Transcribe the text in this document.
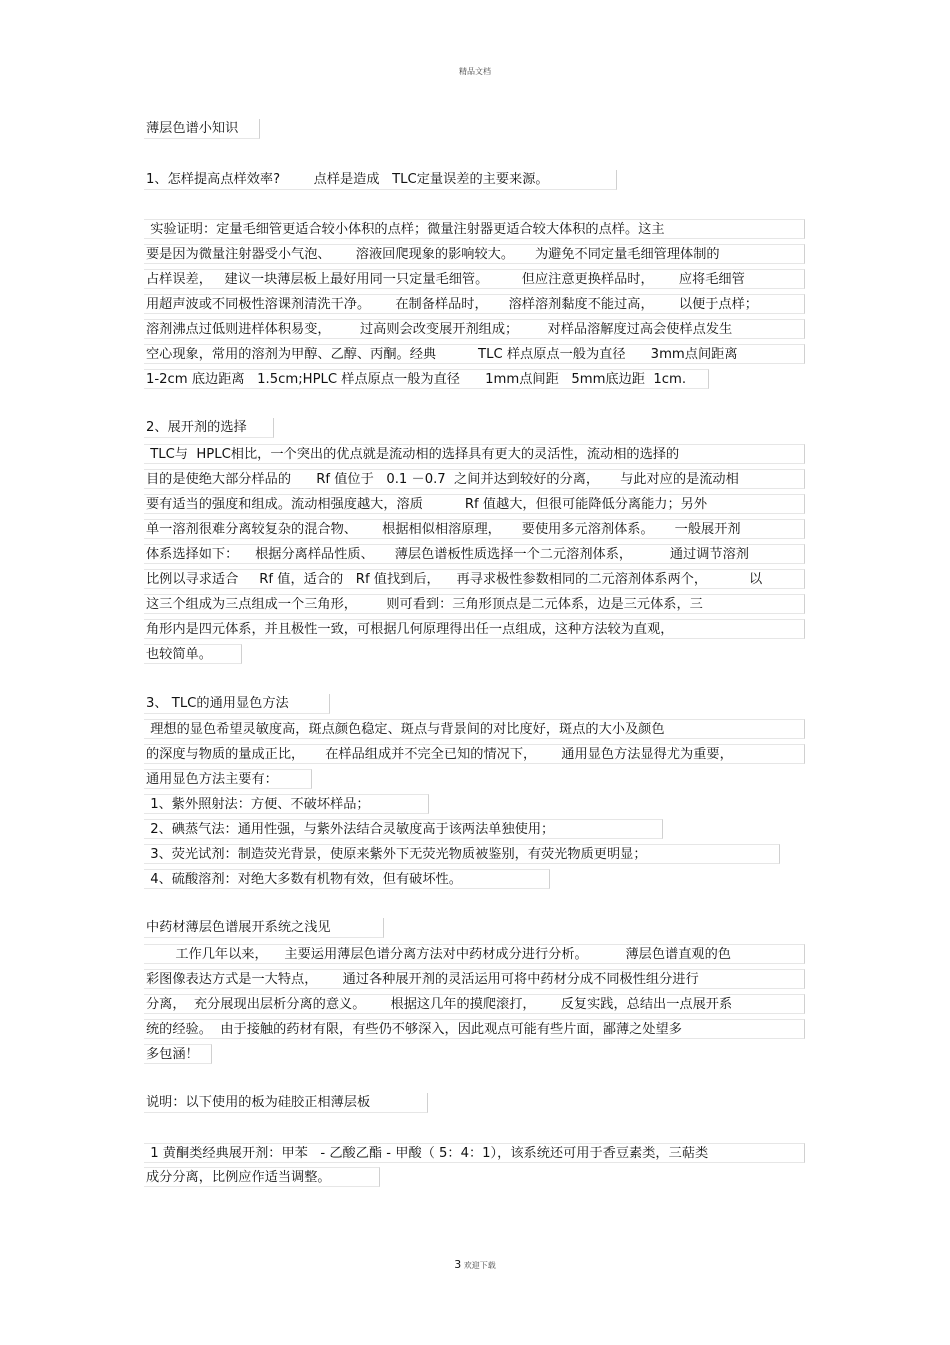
精品文档
薄层色谱小知识
1、怎样提高点样效率?        点样是造成   TLC定量误差的主要来源。
实验证明：定量毛细管更适合较小体积的点样；微量注射器更适合较大体积的点样。这主
要是因为微量注射器受小气泡、      溶液回爬现象的影响较大。     为避免不同定量毛细管理体制的
占样误差，   建议一块薄层板上最好用同一只定量毛细管。        但应注意更换样品时，      应将毛细管
用超声波或不同极性溶课剂清洗干净。      在制备样品时，     溶样溶剂黏度不能过高，      以便于点样；
溶剂沸点过低则进样体积易变，       过高则会改变展开剂组成；       对样品溶解度过高会使样点发生
空心现象，常用的溶剂为甲醇、乙醇、丙酮。经典          TLC 样点原点一般为直径      3mm点间距离
1-2cm 底边距离   1.5cm;HPLC 样点原点一般为直径      1mm点间距   5mm底边距  1cm.
2、展开剂的选择
TLC与  HPLC相比，一个突出的优点就是流动相的选择具有更大的灵活性，流动相的选择的
目的是使绝大部分样品的      Rf 值位于   0.1 －0.7  之间并达到较好的分离，     与此对应的是流动相
要有适当的强度和组成。流动相强度越大，溶质          Rf 值越大，但很可能降低分离能力；另外
单一溶剂很难分离较复杂的混合物、      根据相似相溶原理，     要使用多元溶剂体系。     一般展开剂
体系选择如下：    根据分离样品性质、     薄层色谱板性质选择一个二元溶剂体系，         通过调节溶剂
比例以寻求适合     Rf 值，适合的   Rf 值找到后，    再寻求极性参数相同的二元溶剂体系两个，          以
这三个组成为三点组成一个三角形，       则可看到：三角形顶点是二元体系，边是三元体系，三
角形内是四元体系，并且极性一致，可根据几何原理得出任一点组成，这种方法较为直观，
也较简单。
3、 TLC的通用显色方法
理想的显色希望灵敏度高，斑点颜色稳定、斑点与背景间的对比度好，斑点的大小及颜色
的深度与物质的量成正比，     在样品组成并不完全已知的情况下，      通用显色方法显得尤为重要，
通用显色方法主要有：
1、紫外照射法：方便、不破坏样品；
2、碘蒸气法：通用性强，与紫外法结合灵敏度高于该两法单独使用；
3、荧光试剂：制造荧光背景，使原来紫外下无荧光物质被鉴别，有荧光物质更明显；
4、硫酸溶剂：对绝大多数有机物有效，但有破坏性。
中药材薄层色谱展开系统之浅见
工作几年以来，    主要运用薄层色谱分离方法对中药材成分进行分析。         薄层色谱直观的色
彩图像表达方式是一大特点，      通过各种展开剂的灵活运用可将中药材分成不同极性组分进行
分离，  充分展现出层析分离的意义。      根据这几年的摸爬滚打，      反复实践，总结出一点展开系
统的经验。  由于接触的药材有限，有些仍不够深入，因此观点可能有些片面，鄙薄之处望多
多包涵！
说明：以下使用的板为硅胶正相薄层板
1 黄酮类经典展开剂：甲苯   - 乙酸乙酯 - 甲酸（ 5：4：1），该系统还可用于香豆素类，三萜类
成分分离，比例应作适当调整。
3 欢迎下载
